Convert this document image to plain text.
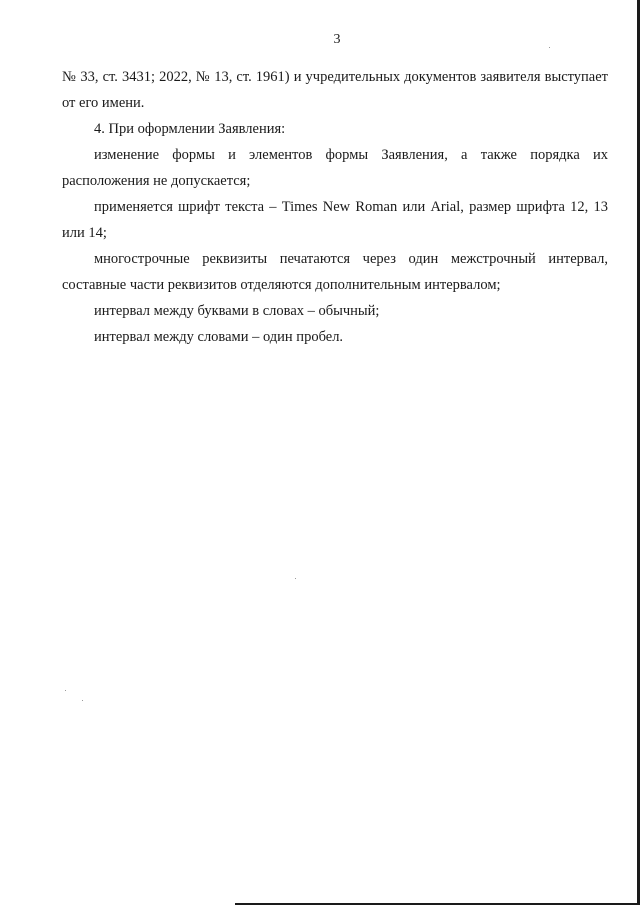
3

№ 33, ст. 3431; 2022, № 13, ст. 1961) и учредительных документов заявителя выступает от его имени.

4. При оформлении Заявления:

изменение формы и элементов формы Заявления, а также порядка их расположения не допускается;

применяется шрифт текста – Times New Roman или Arial, размер шрифта 12, 13 или 14;

многострочные реквизиты печатаются через один межстрочный интервал, составные части реквизитов отделяются дополнительным интервалом;

интервал между буквами в словах – обычный;

интервал между словами – один пробел.
